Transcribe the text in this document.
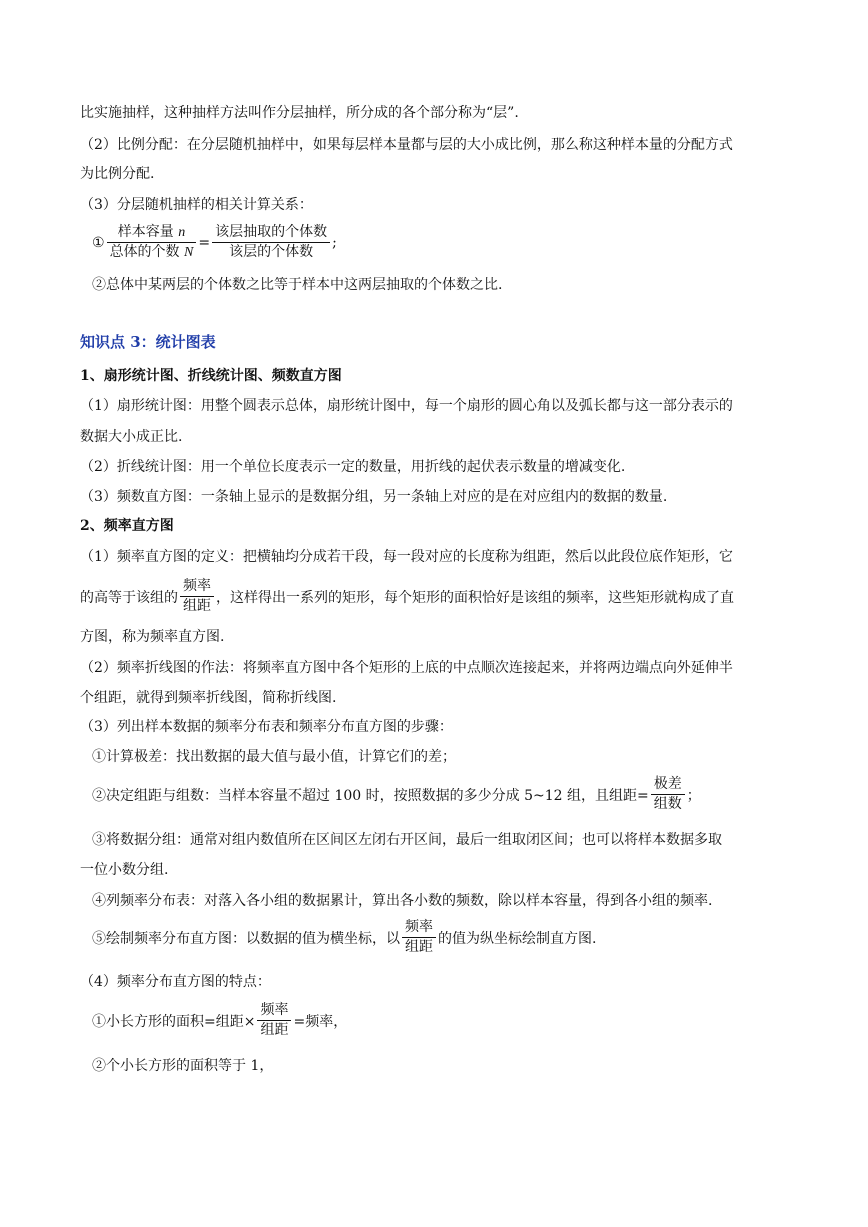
比实施抽样，这种抽样方法叫作分层抽样，所分成的各个部分称为“层”.
（2）比例分配：在分层随机抽样中，如果每层样本量都与层的大小成比例，那么称这种样本量的分配方式
为比例分配.
（3）分层随机抽样的相关计算关系：
① $\frac{\text{样本容量 n}}{\text{总体的个数 N}} = \frac{\text{该层抽取的个体数}}{\text{该层的个体数}}$ ;
②总体中某两层的个体数之比等于样本中这两层抽取的个体数之比.
知识点 3：统计图表
1、扇形统计图、折线统计图、频数直方图
（1）扇形统计图：用整个圆表示总体，扇形统计图中，每一个扇形的圆心角以及弧长都与这一部分表示的
数据大小成正比.
（2）折线统计图：用一个单位长度表示一定的数量，用折线的起伏表示数量的增减变化.
（3）频数直方图：一条轴上显示的是数据分组，另一条轴上对应的是在对应组内的数据的数量.
2、频率直方图
（1）频率直方图的定义：把横轴均分成若干段，每一段对应的长度称为组距，然后以此段位底作矩形，它
的高等于该组的 $\frac{\text{频率}}{\text{组距}}$ ，这样得出一系列的矩形，每个矩形的面积恰好是该组的频率，这些矩形就构成了直
方图，称为频率直方图.
（2）频率折线图的作法：将频率直方图中各个矩形的上底的中点顺次连接起来，并将两边端点向外延伸半
个组距，就得到频率折线图，简称折线图.
（3）列出样本数据的频率分布表和频率分布直方图的步骤：
①计算极差：找出数据的最大值与最小值，计算它们的差；
②决定组距与组数：当样本容量不超过 100 时，按照数据的多少分成 5~12 组，且组距= $\frac{\text{极差}}{\text{组数}}$ ；
③将数据分组：通常对组内数值所在区间区左闭右开区间，最后一组取闭区间；也可以将样本数据多取
一位小数分组.
④列频率分布表：对落入各小组的数据累计，算出各小数的频数，除以样本容量，得到各小组的频率.
⑤绘制频率分布直方图：以数据的值为横坐标，以 $\frac{\text{频率}}{\text{组距}}$ 的值为纵坐标绘制直方图.
（4）频率分布直方图的特点：
①小长方形的面积=组距× $\frac{\text{频率}}{\text{组距}}$ =频率，
②个小长方形的面积等于 1，
